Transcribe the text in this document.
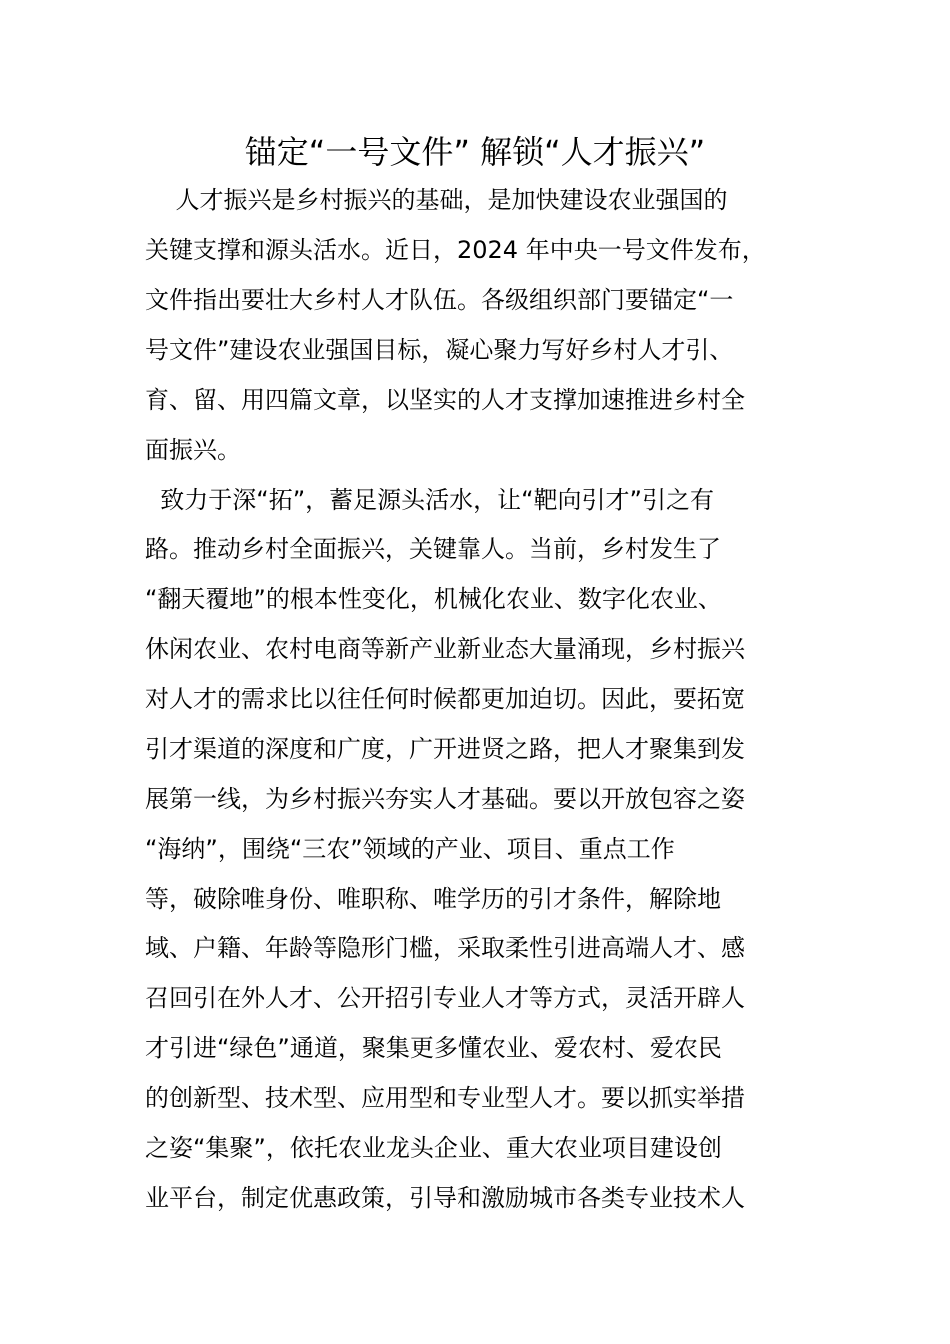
锚定“一号文件” 解锁“人才振兴”
人才振兴是乡村振兴的基础，是加快建设农业强国的
关键支撑和源头活水。近日，2024 年中央一号文件发布，
文件指出要壮大乡村人才队伍。各级组织部门要锚定“一
号文件”建设农业强国目标，凝心聚力写好乡村人才引、
育、留、用四篇文章，以坚实的人才支撑加速推进乡村全
面振兴。
致力于深“拓”，蓄足源头活水，让“靶向引才”引之有
路。推动乡村全面振兴，关键靠人。当前，乡村发生了
“翻天覆地”的根本性变化，机械化农业、数字化农业、
休闲农业、农村电商等新产业新业态大量涌现，乡村振兴
对人才的需求比以往任何时候都更加迫切。因此，要拓宽
引才渠道的深度和广度，广开进贤之路，把人才聚集到发
展第一线，为乡村振兴夯实人才基础。要以开放包容之姿
“海纳”，围绕“三农”领域的产业、项目、重点工作
等，破除唯身份、唯职称、唯学历的引才条件，解除地
域、户籍、年龄等隐形门槛，采取柔性引进高端人才、感
召回引在外人才、公开招引专业人才等方式，灵活开辟人
才引进“绿色”通道，聚集更多懂农业、爱农村、爱农民
的创新型、技术型、应用型和专业型人才。要以抓实举措
之姿“集聚”，依托农业龙头企业、重大农业项目建设创
业平台，制定优惠政策，引导和激励城市各类专业技术人
